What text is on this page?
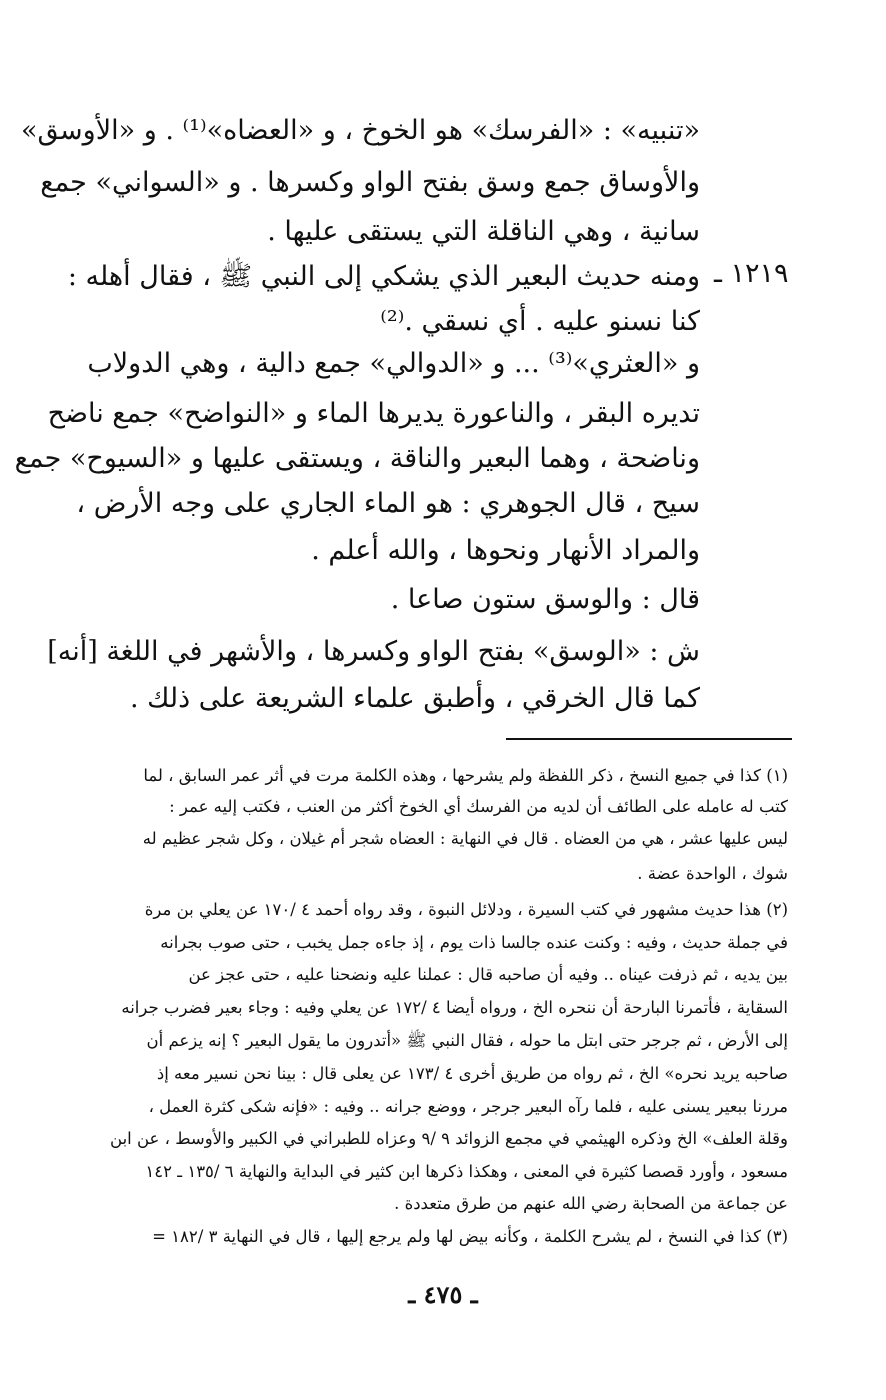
«تنبيه» : «الفرسك» هو الخوخ ، و «العضاه»⁽¹⁾ . و «الأوسق»
والأوساق جمع وسق بفتح الواو وكسرها . و «السواني» جمع
سانية ، وهي الناقلة التي يستقى عليها .
ومنه حديث البعير الذي يشكي إلى النبي ﷺ ، فقال أهله :
كنا نسنو عليه . أي نسقي .⁽²⁾
و «العثري»⁽³⁾ ... و «الدوالي» جمع دالية ، وهي الدولاب
تديره البقر ، والناعورة يديرها الماء و «النواضح» جمع ناضح
وناضحة ، وهما البعير والناقة ، ويستقى عليها و «السيوح» جمع
سيح ، قال الجوهري : هو الماء الجاري على وجه الأرض ،
والمراد الأنهار ونحوها ، والله أعلم .
قال : والوسق ستون صاعا .
ش : «الوسق» بفتح الواو وكسرها ، والأشهر في اللغة [أنه]
كما قال الخرقي ، وأطبق علماء الشريعة على ذلك .
١٢١٩ ـ
(١) كذا في جميع النسخ ، ذكر اللفظة ولم يشرحها ، وهذه الكلمة مرت في أثر عمر السابق ، لما
كتب له عامله على الطائف أن لديه من الفرسك أي الخوخ أكثر من العنب ، فكتب إليه عمر :
ليس عليها عشر ، هي من العضاه . قال في النهاية : العضاه شجر أم غيلان ، وكل شجر عظيم له
شوك ، الواحدة عضة .
(٢) هذا حديث مشهور في كتب السيرة ، ودلائل النبوة ، وقد رواه أحمد ٤ /١٧٠ عن يعلي بن مرة
في جملة حديث ، وفيه : وكنت عنده جالسا ذات يوم ، إذ جاءه جمل يخبب ، حتى صوب بجرانه
بين يديه ، ثم ذرفت عيناه .. وفيه أن صاحبه قال : عملنا عليه ونضحنا عليه ، حتى عجز عن
السقاية ، فأتمرنا البارحة أن ننحره الخ ، ورواه أيضا ٤ /١٧٢ عن يعلي وفيه : وجاء بعير فضرب جرانه
إلى الأرض ، ثم جرجر حتى ابتل ما حوله ، فقال النبي ﷺ «أتدرون ما يقول البعير ؟ إنه يزعم أن
صاحبه يريد نحره» الخ ، ثم رواه من طريق أخرى ٤ /١٧٣ عن يعلى قال : بينا نحن نسير معه إذ
مررنا ببعير يسنى عليه ، فلما رآه البعير جرجر ، ووضع جرانه .. وفيه : «فإنه شكى كثرة العمل ،
وقلة العلف» الخ وذكره الهيثمي في مجمع الزوائد ٩ /٩ وعزاه للطبراني في الكبير والأوسط ، عن ابن
مسعود ، وأورد قصصا كثيرة في المعنى ، وهكذا ذكرها ابن كثير في البداية والنهاية ٦ /١٣٥ ـ ١٤٢
عن جماعة من الصحابة رضي الله عنهم من طرق متعددة .
(٣) كذا في النسخ ، لم يشرح الكلمة ، وكأنه بيض لها ولم يرجع إليها ، قال في النهاية ٣ /١٨٢ =
ـ ٤٧٥ ـ
